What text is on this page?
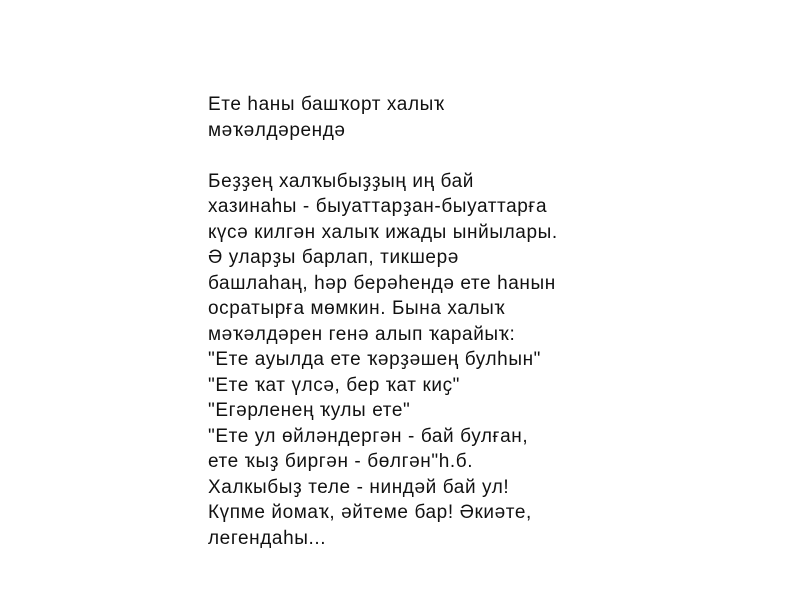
Ете һаны башҡорт халыҡ
мәҡәлдәрендә
Беҙҙең халҡыбыҙҙың иң бай
хазинаһы - быуаттарҙан-быуаттарға
күсә килгән халыҡ ижады ынйылары.
Ә уларҙы барлап, тикшерә
башлаһаң, һәр берәһендә ете һанын
осратырға мөмкин. Бына халыҡ
мәҡәлдәрен генә алып ҡарайыҡ:
"Ете ауылда ете ҡәрҙәшең булһын"
"Ете ҡат үлсә, бер ҡат киҫ"
"Егәрленең ҡулы ете"
"Ете ул өйләндергән - бай булған,
ете ҡыҙ биргән - бөлгән"h.б.
Халкыбыҙ теле - ниндәй бай ул!
Күпме йомаҡ, әйтеме бар! Әкиәте,
легендаһы...
